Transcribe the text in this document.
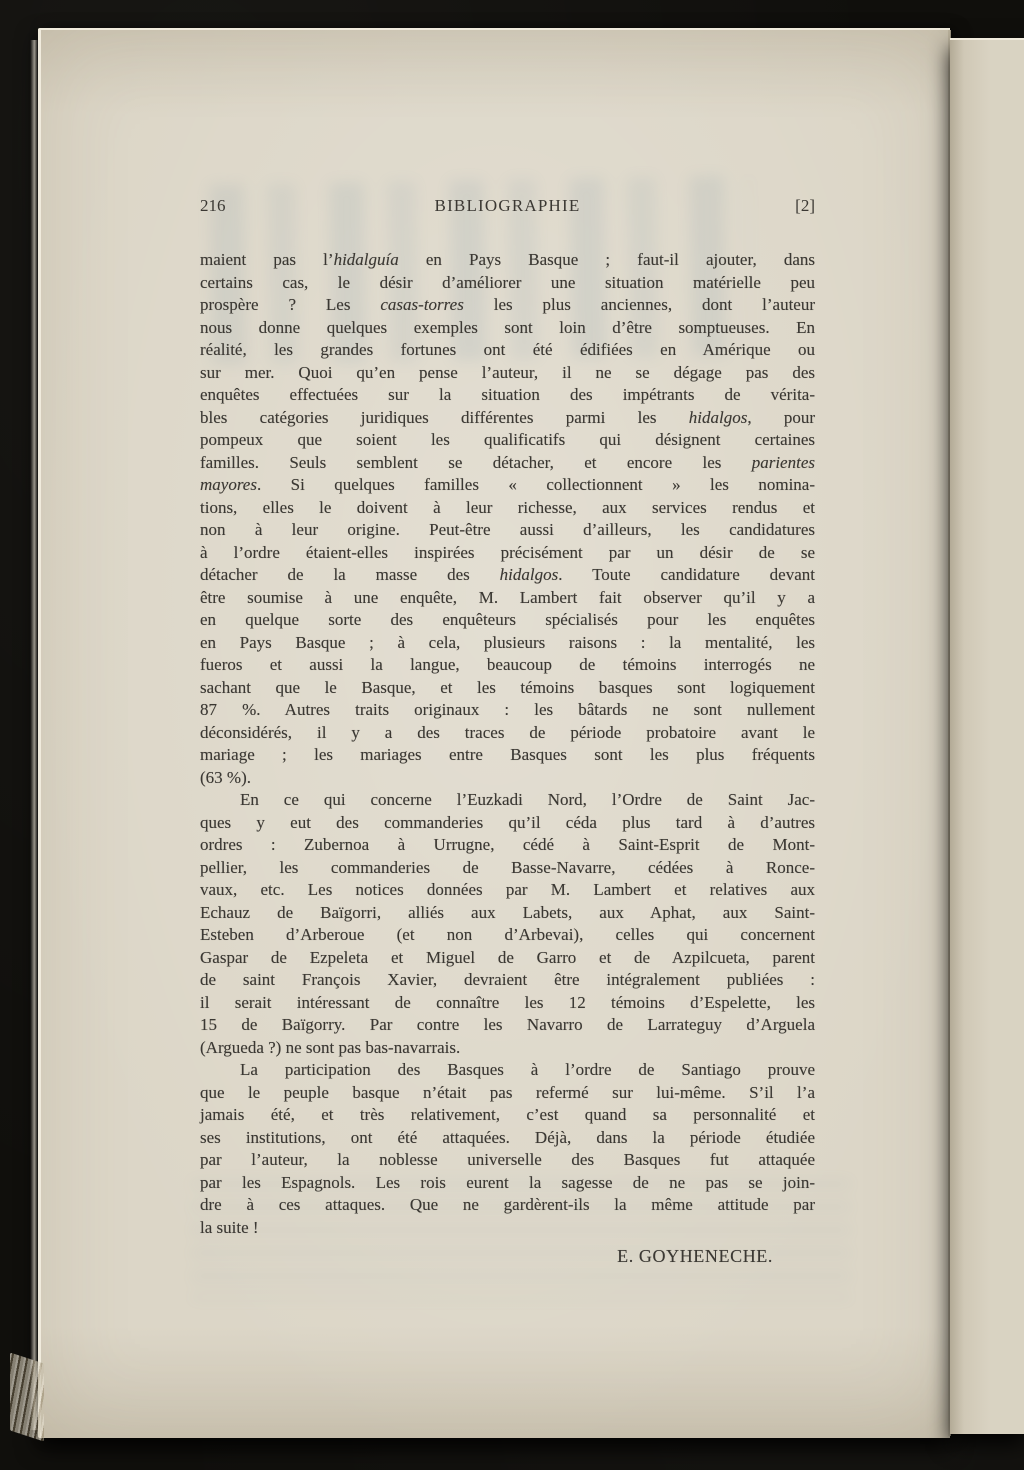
216	BIBLIOGRAPHIE	[2]
maient pas l’hidalguía en Pays Basque ; faut-il ajouter, dans
certains cas, le désir d’améliorer une situation matérielle peu
prospère ? Les casas-torres les plus anciennes, dont l’auteur
nous donne quelques exemples sont loin d’être somptueuses. En
réalité, les grandes fortunes ont été édifiées en Amérique ou
sur mer. Quoi qu’en pense l’auteur, il ne se dégage pas des
enquêtes effectuées sur la situation des impétrants de vérita-
bles catégories juridiques différentes parmi les hidalgos, pour
pompeux que soient les qualificatifs qui désignent certaines
familles. Seuls semblent se détacher, et encore les parientes
mayores. Si quelques familles « collectionnent » les nomina-
tions, elles le doivent à leur richesse, aux services rendus et
non à leur origine. Peut-être aussi d’ailleurs, les candidatures
à l’ordre étaient-elles inspirées précisément par un désir de se
détacher de la masse des hidalgos. Toute candidature devant
être soumise à une enquête, M. Lambert fait observer qu’il y a
en quelque sorte des enquêteurs spécialisés pour les enquêtes
en Pays Basque ; à cela, plusieurs raisons : la mentalité, les
fueros et aussi la langue, beaucoup de témoins interrogés ne
sachant que le Basque, et les témoins basques sont logiquement
87 %. Autres traits originaux : les bâtards ne sont nullement
déconsidérés, il y a des traces de période probatoire avant le
mariage ; les mariages entre Basques sont les plus fréquents
(63 %).
En ce qui concerne l’Euzkadi Nord, l’Ordre de Saint Jac-
ques y eut des commanderies qu’il céda plus tard à d’autres
ordres : Zubernoa à Urrugne, cédé à Saint-Esprit de Mont-
pellier, les commanderies de Basse-Navarre, cédées à Ronce-
vaux, etc. Les notices données par M. Lambert et relatives aux
Echauz de Baïgorri, alliés aux Labets, aux Aphat, aux Saint-
Esteben d’Arberoue (et non d’Arbevai), celles qui concernent
Gaspar de Ezpeleta et Miguel de Garro et de Azpilcueta, parent
de saint François Xavier, devraient être intégralement publiées :
il serait intéressant de connaître les 12 témoins d’Espelette, les
15 de Baïgorry. Par contre les Navarro de Larrateguy d’Arguela
(Argueda ?) ne sont pas bas-navarrais.
La participation des Basques à l’ordre de Santiago prouve
que le peuple basque n’était pas refermé sur lui-même. S’il l’a
jamais été, et très relativement, c’est quand sa personnalité et
ses institutions, ont été attaquées. Déjà, dans la période étudiée
par l’auteur, la noblesse universelle des Basques fut attaquée
par les Espagnols. Les rois eurent la sagesse de ne pas se join-
dre à ces attaques. Que ne gardèrent-ils la même attitude par
la suite !
E. GOYHENECHE.
